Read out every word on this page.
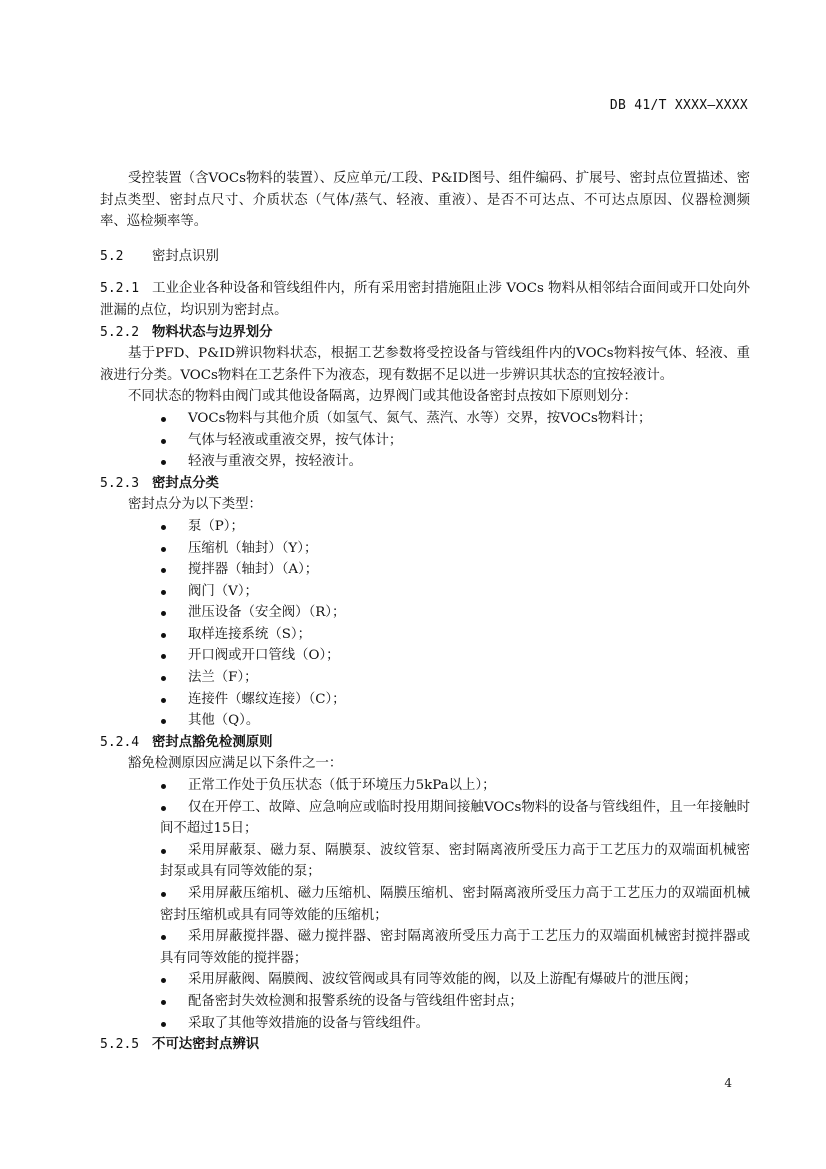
DB 41/T XXXX—XXXX

受控装置（含VOCs物料的装置）、反应单元/工段、P&ID图号、组件编码、扩展号、密封点位置描述、密封点类型、密封点尺寸、介质状态（气体/蒸气、轻液、重液）、是否不可达点、不可达点原因、仪器检测频率、巡检频率等。

5.2 密封点识别

5.2.1 工业企业各种设备和管线组件内，所有采用密封措施阻止涉 VOCs 物料从相邻结合面间或开口处向外泄漏的点位，均识别为密封点。

5.2.2 物料状态与边界划分

基于PFD、P&ID辨识物料状态，根据工艺参数将受控设备与管线组件内的VOCs物料按气体、轻液、重液进行分类。VOCs物料在工艺条件下为液态，现有数据不足以进一步辨识其状态的宜按轻液计。

不同状态的物料由阀门或其他设备隔离，边界阀门或其他设备密封点按如下原则划分：

VOCs物料与其他介质（如氢气、氮气、蒸汽、水等）交界，按VOCs物料计；
气体与轻液或重液交界，按气体计；
轻液与重液交界，按轻液计。
5.2.3 密封点分类

密封点分为以下类型：

泵（P）；
压缩机（轴封）（Y）；
搅拌器（轴封）（A）；
阀门（V）；
泄压设备（安全阀）（R）；
取样连接系统（S）；
开口阀或开口管线（O）；
法兰（F）；
连接件（螺纹连接）（C）；
其他（Q）。
5.2.4 密封点豁免检测原则

豁免检测原因应满足以下条件之一：

正常工作处于负压状态（低于环境压力5kPa以上）；
仅在开停工、故障、应急响应或临时投用期间接触VOCs物料的设备与管线组件，且一年接触时间不超过15日；
采用屏蔽泵、磁力泵、隔膜泵、波纹管泵、密封隔离液所受压力高于工艺压力的双端面机械密封泵或具有同等效能的泵；
采用屏蔽压缩机、磁力压缩机、隔膜压缩机、密封隔离液所受压力高于工艺压力的双端面机械密封压缩机或具有同等效能的压缩机；
采用屏蔽搅拌器、磁力搅拌器、密封隔离液所受压力高于工艺压力的双端面机械密封搅拌器或具有同等效能的搅拌器；
采用屏蔽阀、隔膜阀、波纹管阀或具有同等效能的阀，以及上游配有爆破片的泄压阀；
配备密封失效检测和报警系统的设备与管线组件密封点；
采取了其他等效措施的设备与管线组件。
5.2.5 不可达密封点辨识
4
